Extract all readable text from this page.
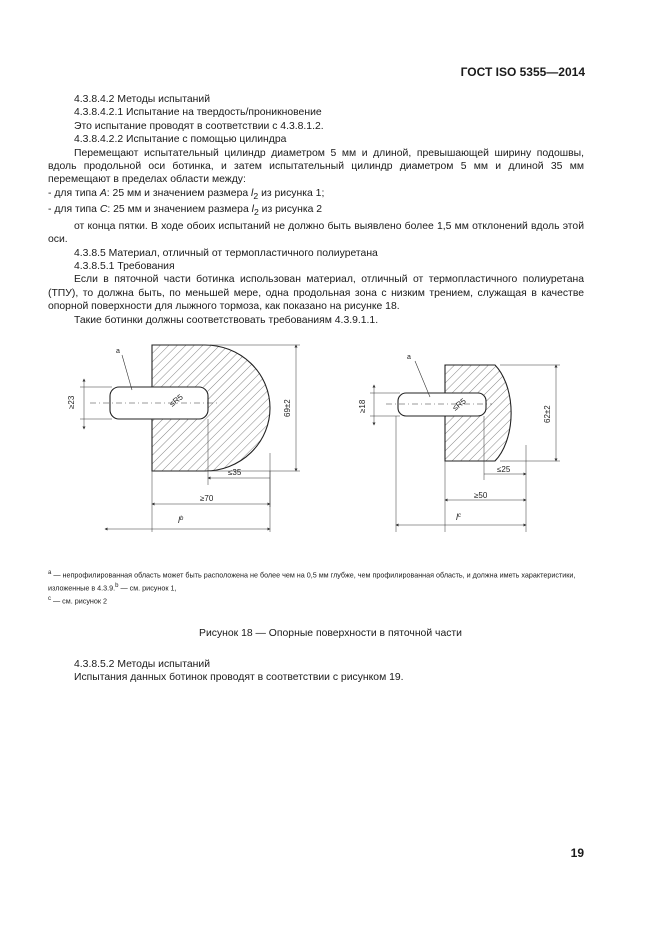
ГОСТ ISO 5355—2014

4.3.8.4.2 Методы испытаний

4.3.8.4.2.1 Испытание на твердость/проникновение

Это испытание проводят в соответствии с 4.3.8.1.2.

4.3.8.4.2.2 Испытание с помощью цилиндра

Перемещают испытательный цилиндр диаметром 5 мм и длиной, превышающей ширину подошвы, вдоль продольной оси ботинка, и затем испытательный цилиндр диаметром 5 мм и длиной 35 мм перемещают в пределах области между:

- для типа A: 25 мм и значением размера $l_2$ из рисунка 1;

- для типа C: 25 мм и значением размера $l_2$ из рисунка 2

от конца пятки. В ходе обоих испытаний не должно быть выявлено более 1,5 мм отклонений вдоль этой оси.

4.3.8.5 Материал, отличный от термопластичного полиуретана

4.3.8.5.1 Требования

Если в пяточной части ботинка использован материал, отличный от термопластичного полиуретана (ТПУ), то должна быть, по меньшей мере, одна продольная зона с низким трением, служащая в качестве опорной поверхности для лыжного тормоза, как показано на рисунке 18.

Такие ботинки должны соответствовать требованиям 4.3.9.1.1.

a
≤R5
≥23	69±2
≤35
≥70
$l^b$
a
≤R5
≥18	62±2
≤25
≥50
$l^c$

$^a$ — непрофилированная область может быть расположена не более чем на 0,5 мм глубже, чем профилированная область, и должна иметь характеристики, изложенные в 4.3.9.$^b$ — см. рисунок 1,

$^c$ — см. рисунок 2

Рисунок 18 — Опорные поверхности в пяточной части

4.3.8.5.2 Методы испытаний

Испытания данных ботинок проводят в соответствии с рисунком 19.

19
